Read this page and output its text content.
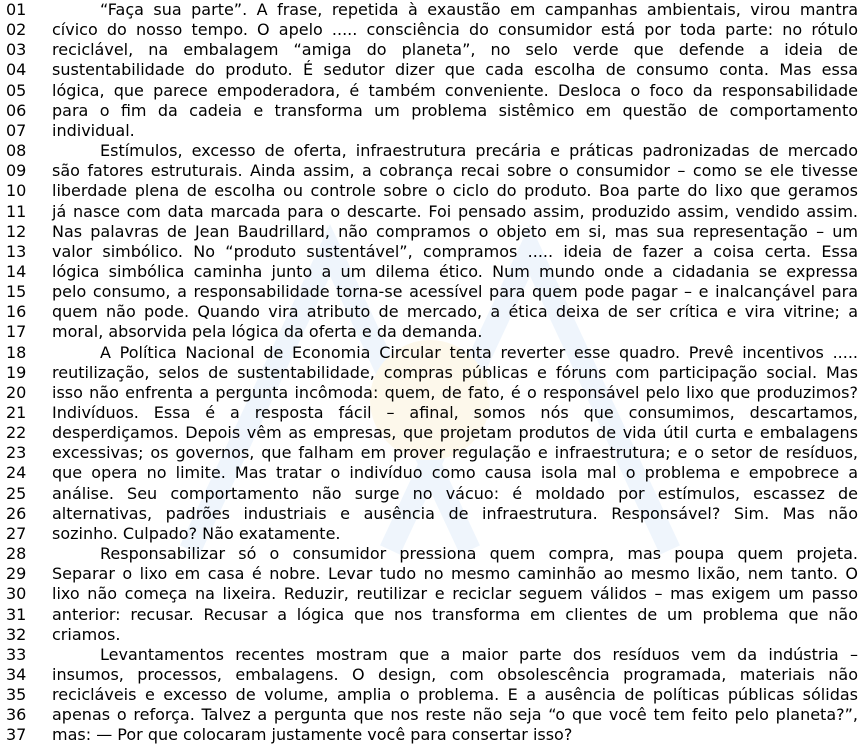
01	“Faça sua parte”. A frase, repetida à exaustão em campanhas ambientais, virou mantra
02	cívico do nosso tempo. O apelo ..... consciência do consumidor está por toda parte: no rótulo
03	reciclável, na embalagem “amiga do planeta”, no selo verde que defende a ideia de
04	sustentabilidade do produto. É sedutor dizer que cada escolha de consumo conta. Mas essa
05	lógica, que parece empoderadora, é também conveniente. Desloca o foco da responsabilidade
06	para o fim da cadeia e transforma um problema sistêmico em questão de comportamento
07	individual.
08	Estímulos, excesso de oferta, infraestrutura precária e práticas padronizadas de mercado
09	são fatores estruturais. Ainda assim, a cobrança recai sobre o consumidor – como se ele tivesse
10	liberdade plena de escolha ou controle sobre o ciclo do produto. Boa parte do lixo que geramos
11	já nasce com data marcada para o descarte. Foi pensado assim, produzido assim, vendido assim.
12	Nas palavras de Jean Baudrillard, não compramos o objeto em si, mas sua representação – um
13	valor simbólico. No “produto sustentável”, compramos ..... ideia de fazer a coisa certa. Essa
14	lógica simbólica caminha junto a um dilema ético. Num mundo onde a cidadania se expressa
15	pelo consumo, a responsabilidade torna-se acessível para quem pode pagar – e inalcançável para
16	quem não pode. Quando vira atributo de mercado, a ética deixa de ser crítica e vira vitrine; a
17	moral, absorvida pela lógica da oferta e da demanda.
18	A Política Nacional de Economia Circular tenta reverter esse quadro. Prevê incentivos .....
19	reutilização, selos de sustentabilidade, compras públicas e fóruns com participação social. Mas
20	isso não enfrenta a pergunta incômoda: quem, de fato, é o responsável pelo lixo que produzimos?
21	Indivíduos. Essa é a resposta fácil – afinal, somos nós que consumimos, descartamos,
22	desperdiçamos. Depois vêm as empresas, que projetam produtos de vida útil curta e embalagens
23	excessivas; os governos, que falham em prover regulação e infraestrutura; e o setor de resíduos,
24	que opera no limite. Mas tratar o indivíduo como causa isola mal o problema e empobrece a
25	análise. Seu comportamento não surge no vácuo: é moldado por estímulos, escassez de
26	alternativas, padrões industriais e ausência de infraestrutura. Responsável? Sim. Mas não
27	sozinho. Culpado? Não exatamente.
28	Responsabilizar só o consumidor pressiona quem compra, mas poupa quem projeta.
29	Separar o lixo em casa é nobre. Levar tudo no mesmo caminhão ao mesmo lixão, nem tanto. O
30	lixo não começa na lixeira. Reduzir, reutilizar e reciclar seguem válidos – mas exigem um passo
31	anterior: recusar. Recusar a lógica que nos transforma em clientes de um problema que não
32	criamos.
33	Levantamentos recentes mostram que a maior parte dos resíduos vem da indústria –
34	insumos, processos, embalagens. O design, com obsolescência programada, materiais não
35	recicláveis e excesso de volume, amplia o problema. E a ausência de políticas públicas sólidas
36	apenas o reforça. Talvez a pergunta que nos reste não seja “o que você tem feito pelo planeta?”,
37	mas: — Por que colocaram justamente você para consertar isso?
